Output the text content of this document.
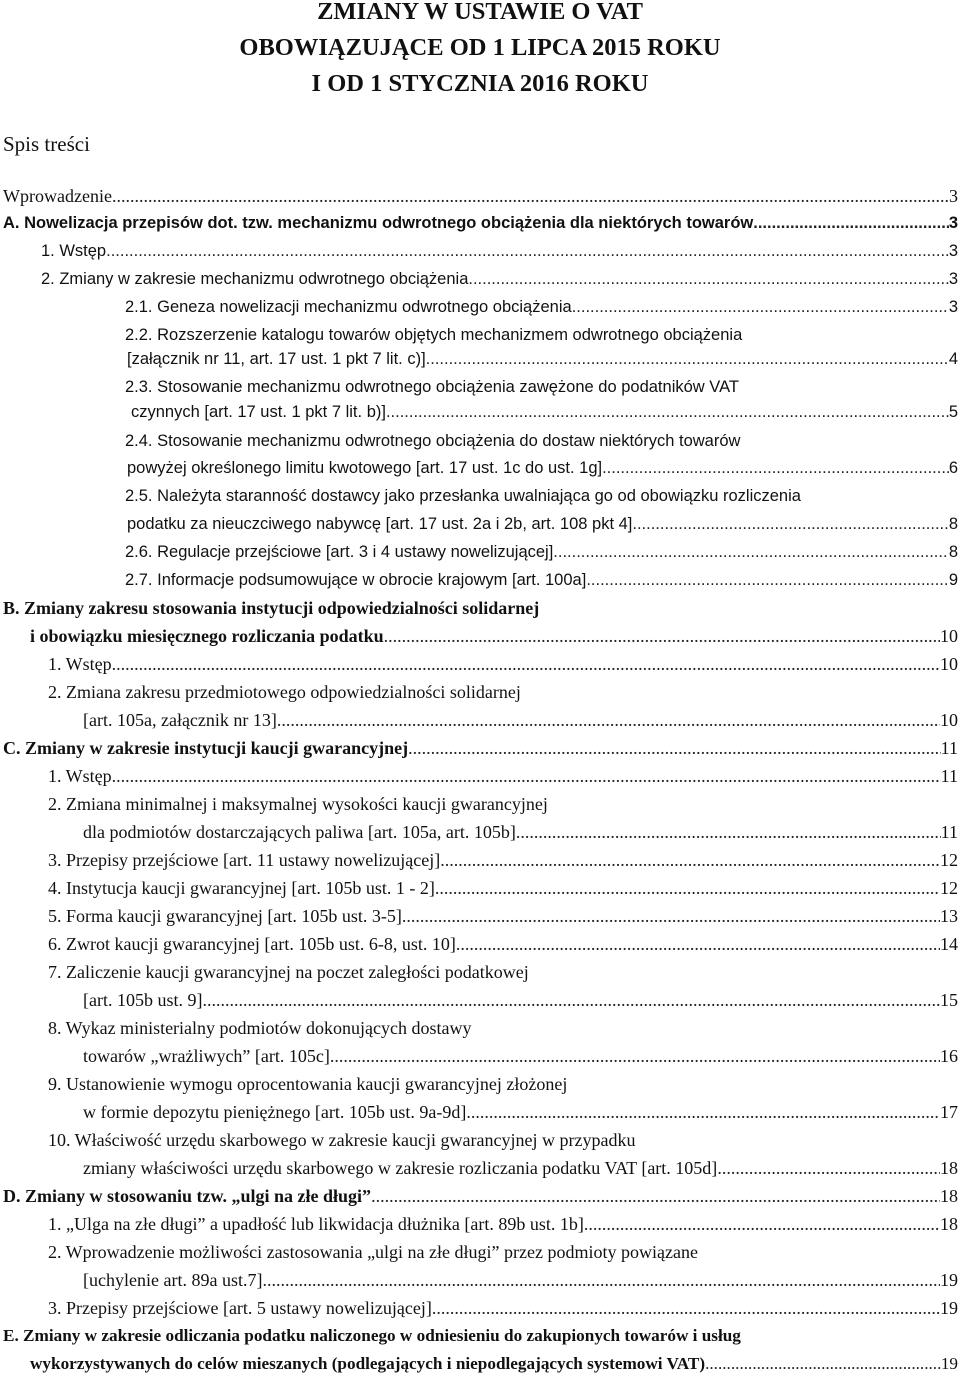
ZMIANY W USTAWIE O VAT
OBOWIĄZUJĄCE OD 1 LIPCA 2015 ROKU
I OD 1 STYCZNIA 2016 ROKU
Spis treści
Wprowadzenie .....	3
A. Nowelizacja przepisów dot. tzw. mechanizmu odwrotnego obciążenia dla niektórych towarów .....	3
1. Wstęp .....	3
2. Zmiany w zakresie mechanizmu odwrotnego obciążenia .....	3
2.1. Geneza nowelizacji mechanizmu odwrotnego obciążenia .....	3
2.2. Rozszerzenie katalogu towarów objętych mechanizmem odwrotnego obciążenia
[załącznik nr 11, art. 17 ust. 1 pkt 7 lit. c)] .....	4
2.3. Stosowanie mechanizmu odwrotnego obciążenia zawężone do podatników VAT
czynnych [art. 17 ust. 1 pkt 7 lit. b)] .....	5
2.4. Stosowanie mechanizmu odwrotnego obciążenia do dostaw niektórych towarów
powyżej określonego limitu kwotowego [art. 17 ust. 1c do ust. 1g] .....	6
2.5. Należyta staranność dostawcy jako przesłanka uwalniająca go od obowiązku rozliczenia
podatku za nieuczciwego nabywcę [art. 17 ust. 2a i 2b, art. 108 pkt 4] .....	8
2.6. Regulacje przejściowe [art. 3 i 4 ustawy nowelizującej] .....	8
2.7. Informacje podsumowujące w obrocie krajowym [art. 100a] .....	9
B. Zmiany zakresu stosowania instytucji odpowiedzialności solidarnej
i obowiązku miesięcznego rozliczania podatku .....	10
1. Wstęp .....	10
2. Zmiana zakresu przedmiotowego odpowiedzialności solidarnej
[art. 105a, załącznik nr 13] .....	10
C. Zmiany w zakresie instytucji kaucji gwarancyjnej .....	11
1. Wstęp .....	11
2. Zmiana minimalnej i maksymalnej wysokości kaucji gwarancyjnej
dla podmiotów dostarczających paliwa [art. 105a, art. 105b] .....	11
3. Przepisy przejściowe [art. 11 ustawy nowelizującej] .....	12
4. Instytucja kaucji gwarancyjnej [art. 105b ust. 1 - 2] .....	12
5. Forma kaucji gwarancyjnej [art. 105b ust. 3-5] .....	13
6. Zwrot kaucji gwarancyjnej [art. 105b ust. 6-8, ust. 10] .....	14
7. Zaliczenie kaucji gwarancyjnej na poczet zaległości podatkowej
[art. 105b ust. 9] .....	15
8. Wykaz ministerialny podmiotów dokonujących dostawy
towarów „wrażliwych” [art. 105c] .....	16
9. Ustanowienie wymogu oprocentowania kaucji gwarancyjnej złożonej
w formie depozytu pieniężnego [art. 105b ust. 9a-9d] .....	17
10. Właściwość urzędu skarbowego w zakresie kaucji gwarancyjnej w przypadku
zmiany właściwości urzędu skarbowego w zakresie rozliczania podatku VAT [art. 105d] .....	18
D. Zmiany w stosowaniu tzw. „ulgi na złe długi” .....	18
1. „Ulga na złe długi” a upadłość lub likwidacja dłużnika [art. 89b ust. 1b] .....	18
2. Wprowadzenie możliwości zastosowania „ulgi na złe długi” przez podmioty powiązane
[uchylenie art. 89a ust.7] .....	19
3. Przepisy przejściowe [art. 5 ustawy nowelizującej] .....	19
E. Zmiany w zakresie odliczania podatku naliczonego w odniesieniu do zakupionych towarów i usług
wykorzystywanych do celów mieszanych (podlegających i niepodlegających systemowi VAT) .....	19
